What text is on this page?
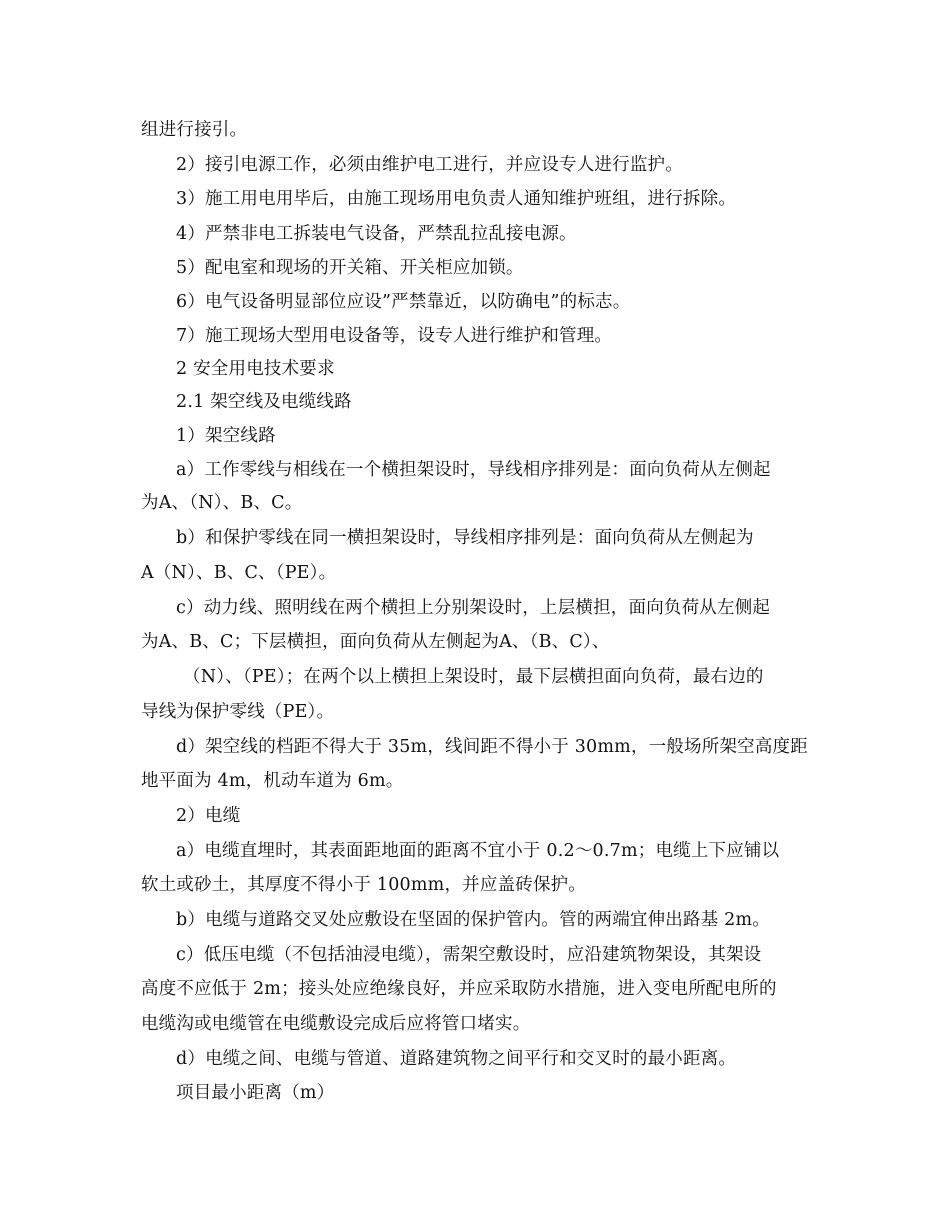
组进行接引。
2）接引电源工作，必须由维护电工进行，并应设专人进行监护。
3）施工用电用毕后，由施工现场用电负责人通知维护班组，进行拆除。
4）严禁非电工拆装电气设备，严禁乱拉乱接电源。
5）配电室和现场的开关箱、开关柜应加锁。
6）电气设备明显部位应设”严禁靠近，以防确电”的标志。
7）施工现场大型用电设备等，设专人进行维护和管理。
2 安全用电技术要求
2.1 架空线及电缆线路
1）架空线路
a）工作零线与相线在一个横担架设时，导线相序排列是：面向负荷从左侧起
为A、（N）、B、C。
b）和保护零线在同一横担架设时，导线相序排列是：面向负荷从左侧起为
A（N）、B、C、（PE）。
c）动力线、照明线在两个横担上分别架设时，上层横担，面向负荷从左侧起
为A、B、C；下层横担，面向负荷从左侧起为A、（B、C）、
（N）、（PE）；在两个以上横担上架设时，最下层横担面向负荷，最右边的
导线为保护零线（PE）。
d）架空线的档距不得大于 35m，线间距不得小于 30mm，一般场所架空高度距
地平面为 4m，机动车道为 6m。
2）电缆
a）电缆直埋时，其表面距地面的距离不宜小于 0.2～0.7m；电缆上下应铺以
软土或砂土，其厚度不得小于 100mm，并应盖砖保护。
b）电缆与道路交叉处应敷设在坚固的保护管内。管的两端宜伸出路基 2m。
c）低压电缆（不包括油浸电缆），需架空敷设时，应沿建筑物架设，其架设
高度不应低于 2m；接头处应绝缘良好，并应采取防水措施，进入变电所配电所的
电缆沟或电缆管在电缆敷设完成后应将管口堵实。
d）电缆之间、电缆与管道、道路建筑物之间平行和交叉时的最小距离。
项目最小距离（m）
